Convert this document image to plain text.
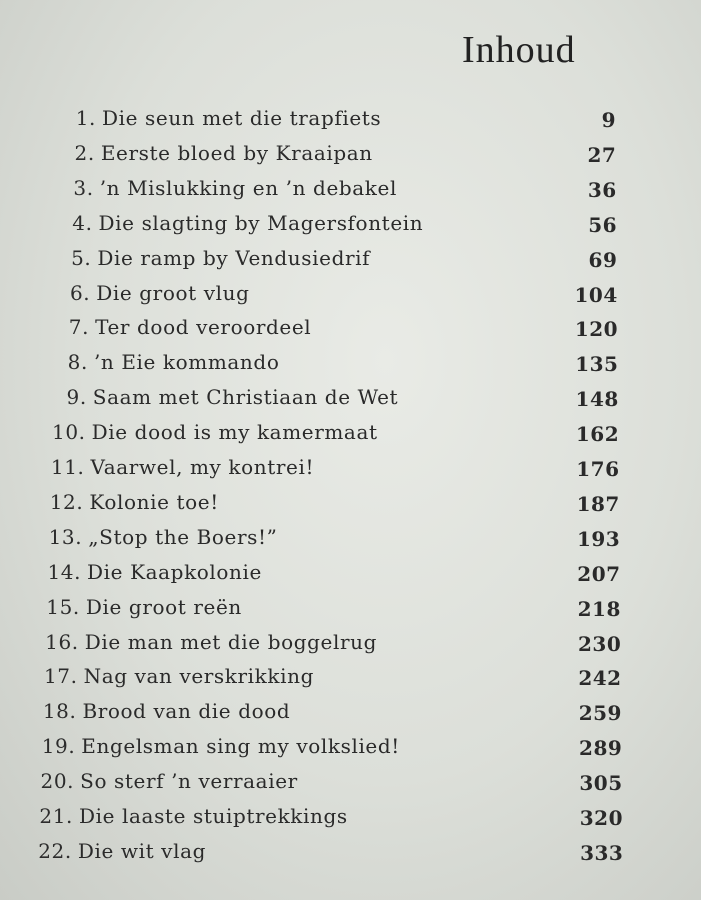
Inhoud
1. Die seun met die trapfiets	9
2. Eerste bloed by Kraaipan	27
3. ’n Mislukking en ’n debakel	36
4. Die slagting by Magersfontein	56
5. Die ramp by Vendusiedrif	69
6. Die groot vlug	104
7. Ter dood veroordeel	120
8. ’n Eie kommando	135
9. Saam met Christiaan de Wet	148
10. Die dood is my kamermaat	162
11. Vaarwel, my kontrei!	176
12. Kolonie toe!	187
13. „Stop the Boers!”	193
14. Die Kaapkolonie	207
15. Die groot reën	218
16. Die man met die boggelrug	230
17. Nag van verskrikking	242
18. Brood van die dood	259
19. Engelsman sing my volkslied!	289
20. So sterf ’n verraaier	305
21. Die laaste stuiptrekkings	320
22. Die wit vlag	333
